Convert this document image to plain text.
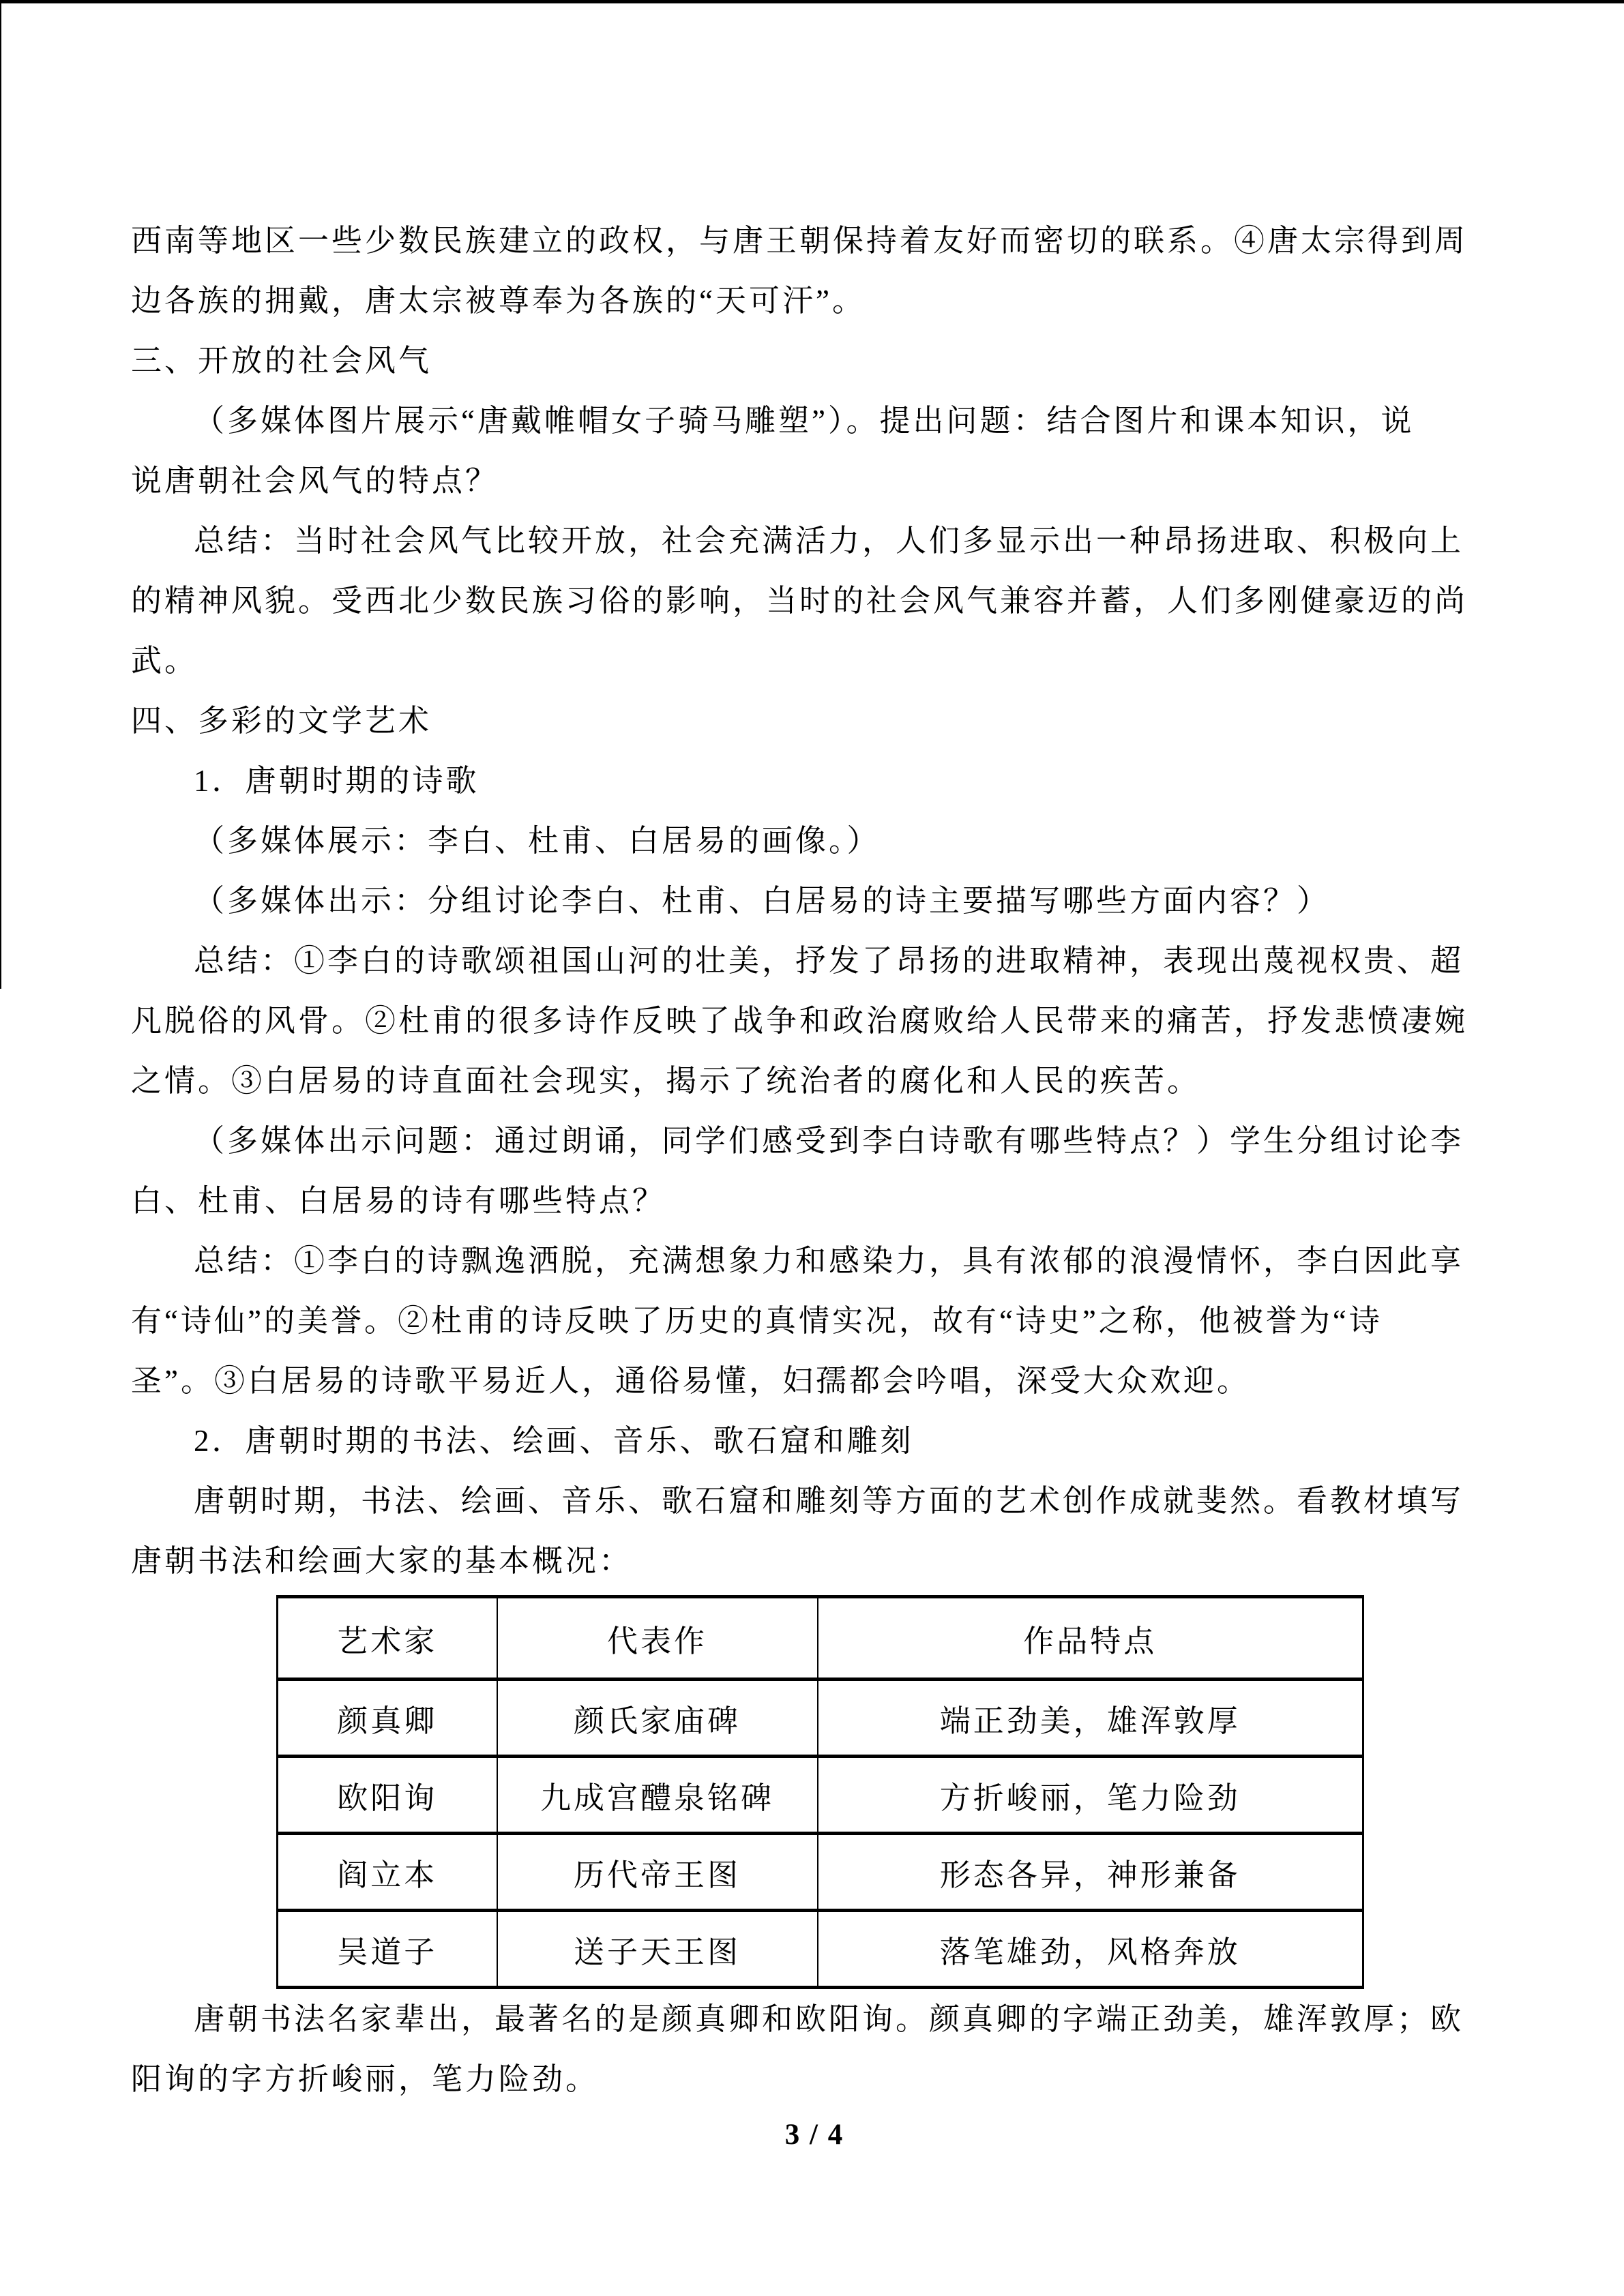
西南等地区一些少数民族建立的政权，与唐王朝保持着友好而密切的联系。④唐太宗得到周
边各族的拥戴，唐太宗被尊奉为各族的“天可汗”。
三、开放的社会风气
（多媒体图片展示“唐戴帷帽女子骑马雕塑”）。提出问题：结合图片和课本知识，说
说唐朝社会风气的特点？
总结：当时社会风气比较开放，社会充满活力，人们多显示出一种昂扬进取、积极向上
的精神风貌。受西北少数民族习俗的影响，当时的社会风气兼容并蓄，人们多刚健豪迈的尚
武。
四、多彩的文学艺术
1．唐朝时期的诗歌
（多媒体展示：李白、杜甫、白居易的画像。）
（多媒体出示：分组讨论李白、杜甫、白居易的诗主要描写哪些方面内容？）
总结：①李白的诗歌颂祖国山河的壮美，抒发了昂扬的进取精神，表现出蔑视权贵、超
凡脱俗的风骨。②杜甫的很多诗作反映了战争和政治腐败给人民带来的痛苦，抒发悲愤凄婉
之情。③白居易的诗直面社会现实，揭示了统治者的腐化和人民的疾苦。
（多媒体出示问题：通过朗诵，同学们感受到李白诗歌有哪些特点？）学生分组讨论李
白、杜甫、白居易的诗有哪些特点？
总结：①李白的诗飘逸洒脱，充满想象力和感染力，具有浓郁的浪漫情怀，李白因此享
有“诗仙”的美誉。②杜甫的诗反映了历史的真情实况，故有“诗史”之称，他被誉为“诗
圣”。③白居易的诗歌平易近人，通俗易懂，妇孺都会吟唱，深受大众欢迎。
2．唐朝时期的书法、绘画、音乐、歌石窟和雕刻
唐朝时期，书法、绘画、音乐、歌石窟和雕刻等方面的艺术创作成就斐然。看教材填写
唐朝书法和绘画大家的基本概况：
艺术家	代表作	作品特点
颜真卿	颜氏家庙碑	端正劲美，雄浑敦厚
欧阳询	九成宫醴泉铭碑	方折峻丽，笔力险劲
阎立本	历代帝王图	形态各异，神形兼备
吴道子	送子天王图	落笔雄劲，风格奔放
唐朝书法名家辈出，最著名的是颜真卿和欧阳询。颜真卿的字端正劲美，雄浑敦厚；欧
阳询的字方折峻丽，笔力险劲。
3 / 4
